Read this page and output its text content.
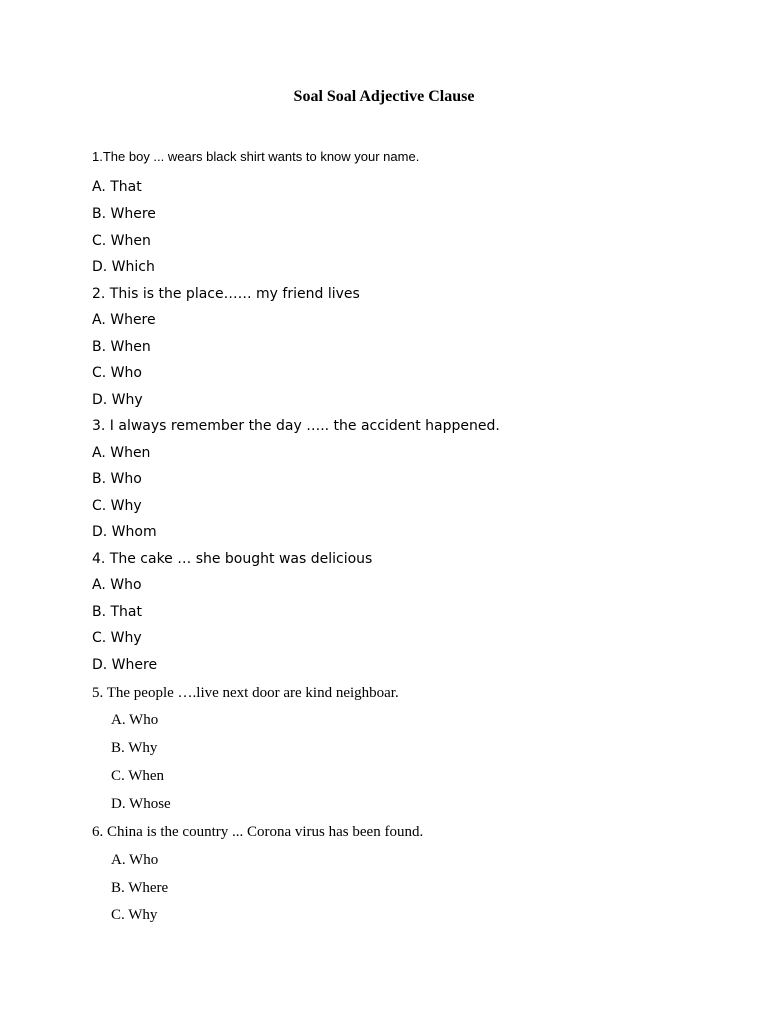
Soal Soal Adjective Clause
1.The boy ... wears black shirt wants to know your name.
A. That
B. Where
C. When
D. Which
2. This is the place…… my friend lives
A. Where
B. When
C. Who
D. Why
3. I always remember the day ….. the accident happened.
A. When
B. Who
C. Why
D. Whom
4. The cake … she bought was delicious
A. Who
B. That
C. Why
D. Where
5. The people ….live next door are kind neighboar.
A. Who
B. Why
C. When
D. Whose
6. China is the country ... Corona virus has been found.
A. Who
B. Where
C. Why
